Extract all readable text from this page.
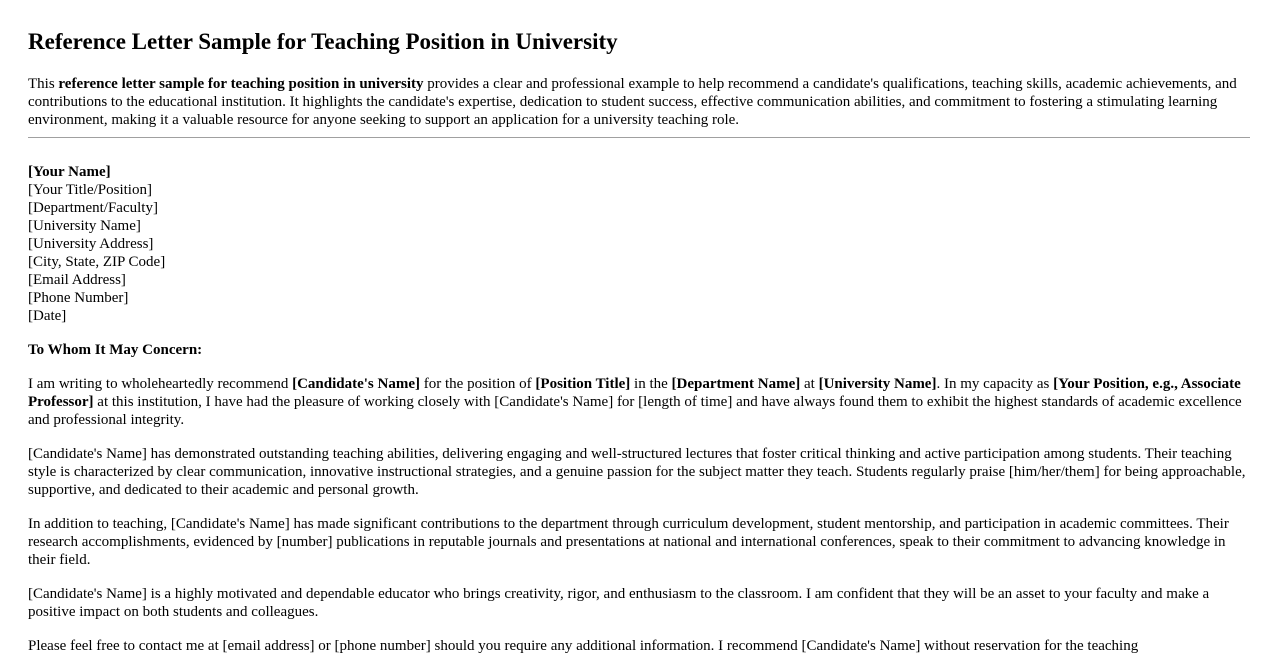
Reference Letter Sample for Teaching Position in University

This reference letter sample for teaching position in university provides a clear and professional example to help recommend a candidate's qualifications, teaching skills, academic achievements, and contributions to the educational institution. It highlights the candidate's expertise, dedication to student success, effective communication abilities, and commitment to fostering a stimulating learning environment, making it a valuable resource for anyone seeking to support an application for a university teaching role.

[Your Name]
[Your Title/Position]
[Department/Faculty]
[University Name]
[University Address]
[City, State, ZIP Code]
[Email Address]
[Phone Number]
[Date]

To Whom It May Concern:

I am writing to wholeheartedly recommend [Candidate's Name] for the position of [Position Title] in the [Department Name] at [University Name]. In my capacity as [Your Position, e.g., Associate Professor] at this institution, I have had the pleasure of working closely with [Candidate's Name] for [length of time] and have always found them to exhibit the highest standards of academic excellence and professional integrity.

[Candidate's Name] has demonstrated outstanding teaching abilities, delivering engaging and well-structured lectures that foster critical thinking and active participation among students. Their teaching style is characterized by clear communication, innovative instructional strategies, and a genuine passion for the subject matter they teach. Students regularly praise [him/her/them] for being approachable, supportive, and dedicated to their academic and personal growth.

In addition to teaching, [Candidate's Name] has made significant contributions to the department through curriculum development, student mentorship, and participation in academic committees. Their research accomplishments, evidenced by [number] publications in reputable journals and presentations at national and international conferences, speak to their commitment to advancing knowledge in their field.

[Candidate's Name] is a highly motivated and dependable educator who brings creativity, rigor, and enthusiasm to the classroom. I am confident that they will be an asset to your faculty and make a positive impact on both students and colleagues.

Please feel free to contact me at [email address] or [phone number] should you require any additional information. I recommend [Candidate's Name] without reservation for the teaching
